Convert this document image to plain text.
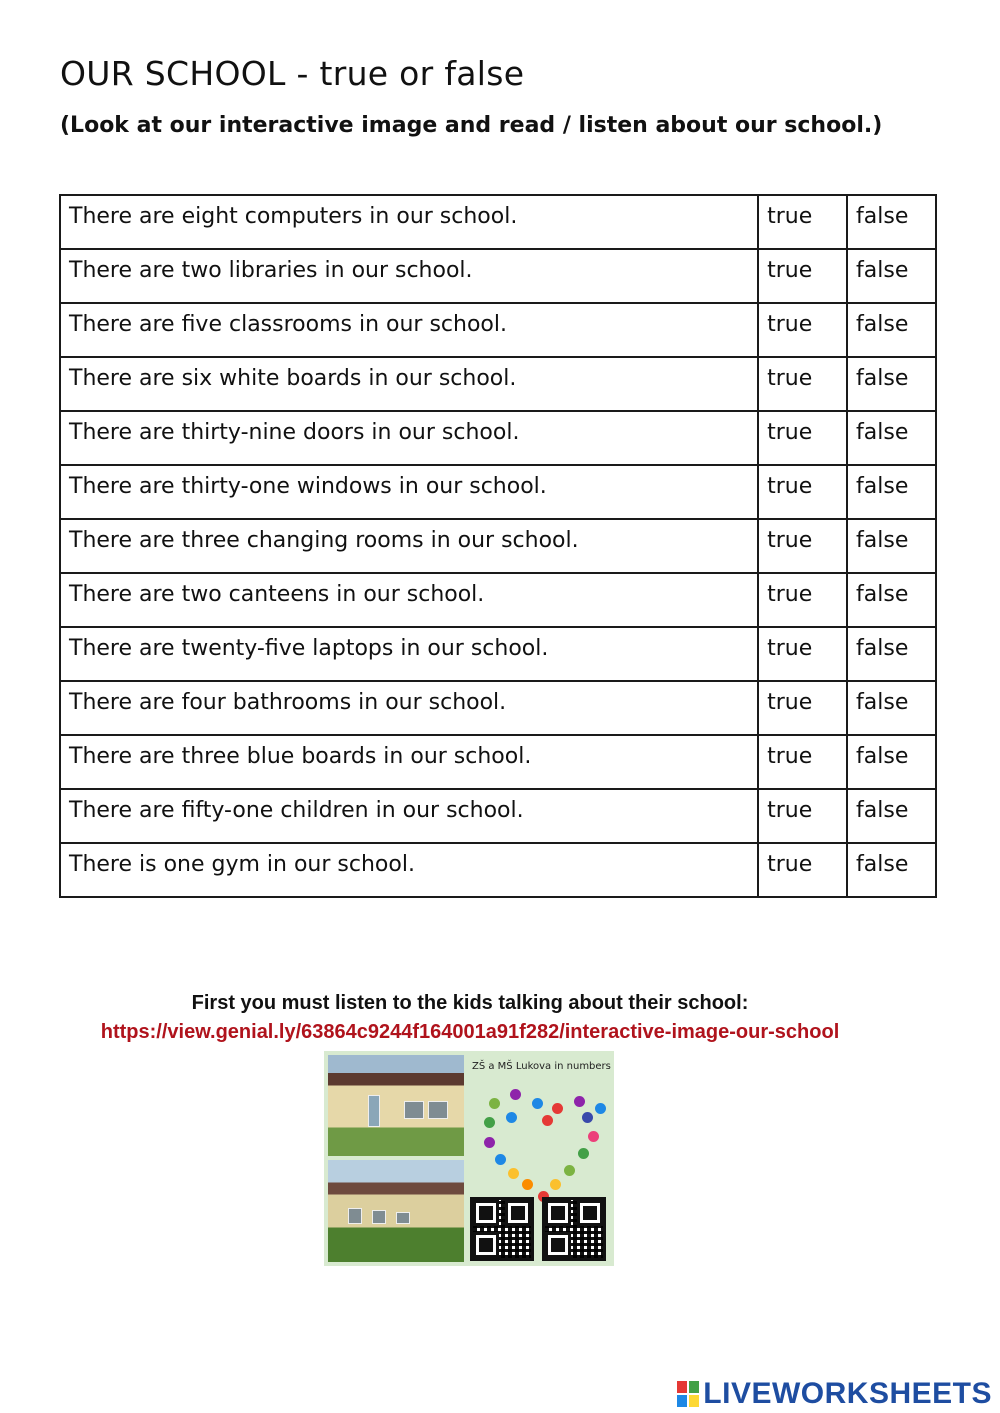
OUR SCHOOL - true or false
(Look at our interactive image and read / listen about our school.)
There are eight computers in our school.	true	false
There are two libraries in our school.	true	false
There are five classrooms in our school.	true	false
There are six white boards in our school.	true	false
There are thirty-nine doors in our school.	true	false
There are thirty-one windows in our school.	true	false
There are three changing rooms in our school.	true	false
There are two canteens in our school.	true	false
There are twenty-five laptops in our school.	true	false
There are four bathrooms in our school.	true	false
There are three blue boards in our school.	true	false
There are fifty-one children in our school.	true	false
There is one gym in our school.	true	false
First you must listen to the kids talking about their school:
https://view.genial.ly/63864c9244f164001a91f282/interactive-image-our-school
ZŠ a MŠ Lukova in numbers
LIVEWORKSHEETS
